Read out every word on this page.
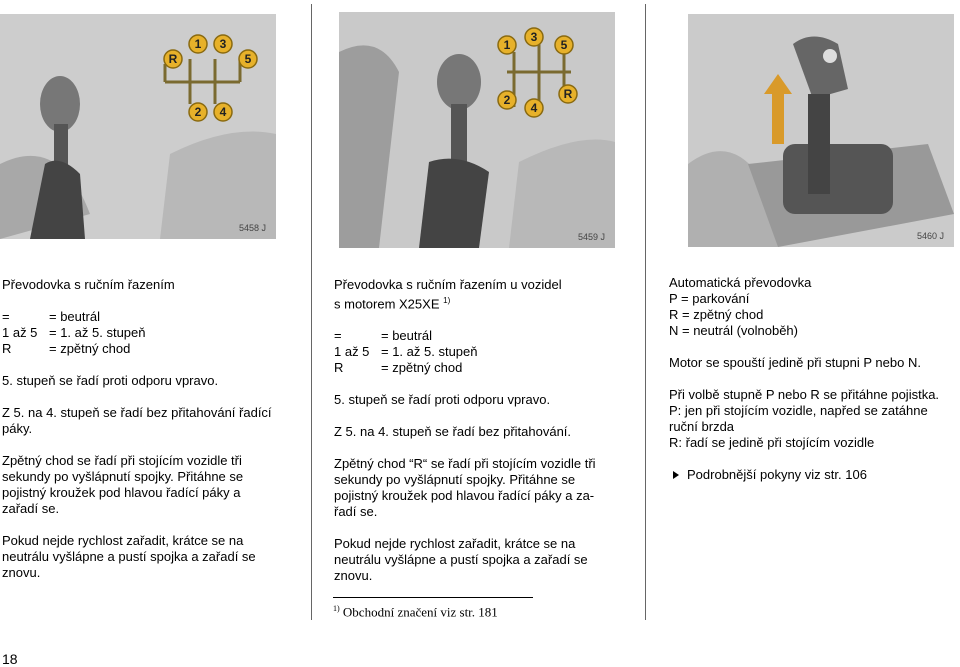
R
1 3
5
2 4
5458 J
1
3
5
2
4
R
5459 J	5460 J

Převodovka s ručním řazením

=	= beutrál
1 až 5 = 1. až 5. stupeň
R	= zpětný chod

5. stupeň se řadí proti odporu vpravo.

Z 5. na 4. stupeň se řadí bez přitahování řadící

páky.

Zpětný chod se řadí při stojícím vozidle tři

sekundy po vyšlápnutí spojky. Přitáhne se

pojistný kroužek pod hlavou řadící páky a

zařadí se.

Pokud nejde rychlost zařadit, krátce se na

neutrálu vyšlápne a pustí spojka a zařadí se

znovu.

Převodovka s ručním řazením u vozidel

s motorem X25XE $^{1)}$

=	= beutrál
1 až 5 = 1. až 5. stupeň
R	= zpětný chod

5. stupeň se řadí proti odporu vpravo.

Z 5. na 4. stupeň se řadí bez přitahování.

Zpětný chod “R“ se řadí při stojícím vozidle tři

sekundy po vyšlápnutí spojky. Přitáhne se

pojistný kroužek pod hlavou řadící páky a za-

řadí se.

Pokud nejde rychlost zařadit, krátce se na

neutrálu vyšlápne a pustí spojka a zařadí se

znovu.

Automatická převodovka

P = parkování

R = zpětný chod

N = neutrál (volnoběh)

Motor se spouští jedině při stupni P nebo N.

Při volbě stupně P nebo R se přitáhne pojistka.

P: jen při stojícím vozidle, napřed se zatáhne

ruční brzda

R: řadí se jedině při stojícím vozidle

Podrobnější pokyny viz str. 106

$^{1)}$ Obchodní značení viz str. 181
18
